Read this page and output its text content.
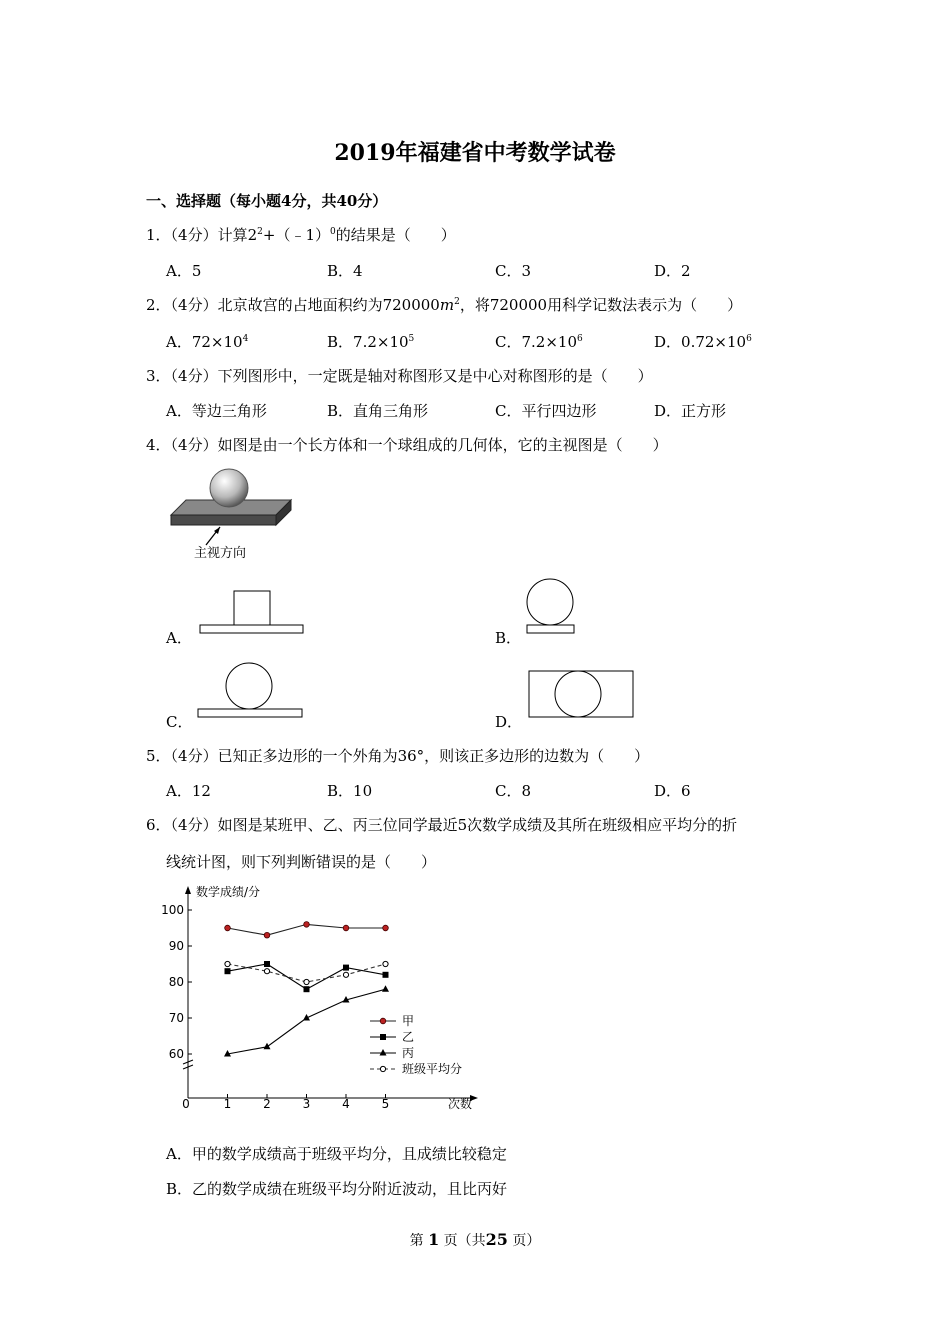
2019年福建省中考数学试卷
一、选择题（每小题4分，共40分）
1．（4分）计算$2^2+(﹣1)^0$的结果是（　　）
A．5	B．4	C．3	D．2
2．（4分）北京故宫的占地面积约为$720000m^2$，将720000用科学记数法表示为（　　）
A．$72\times 10^4$	B．$7.2\times 10^5$	C．$7.2\times 10^6$	D．$0.72\times 10^6$
3．（4分）下列图形中，一定既是轴对称图形又是中心对称图形的是（　　）
A．等边三角形	B．直角三角形	C．平行四边形	D．正方形
4．（4分）如图是由一个长方体和一个球组成的几何体，它的主视图是（　　）
主视方向
A．	B．
C．	D．
5．（4分）已知正多边形的一个外角为36°，则该正多边形的边数为（　　）
A．12	B．10	C．8	D．6
6．（4分）如图是某班甲、乙、丙三位同学最近5次数学成绩及其所在班级相应平均分的折
线统计图，则下列判断错误的是（　　）
数学成绩/分
次数
60
70
80
90
100
0	1	2	3	4	5
甲
乙
丙
班级平均分
A．甲的数学成绩高于班级平均分，且成绩比较稳定
B．乙的数学成绩在班级平均分附近波动，且比丙好
第 1 页（共25 页）
